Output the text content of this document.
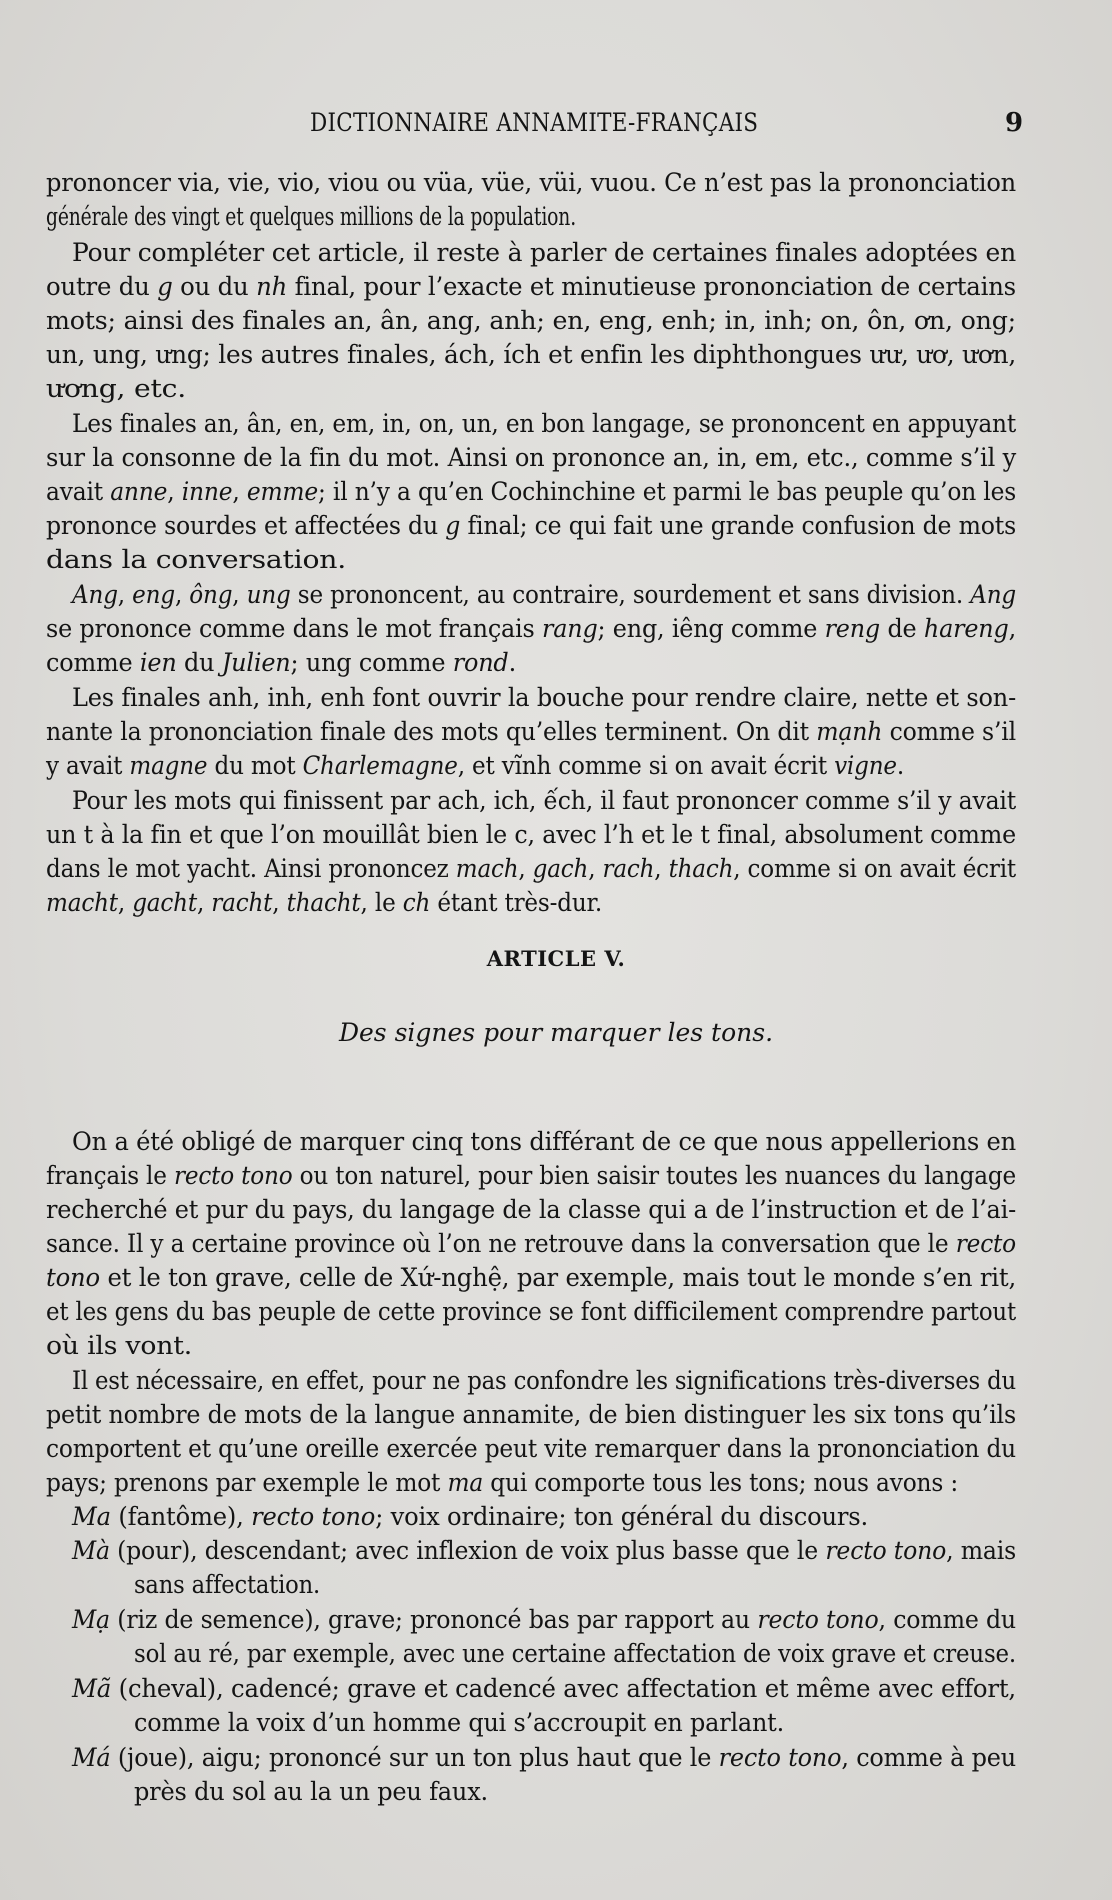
DICTIONNAIRE ANNAMITE-FRANÇAIS	9
prononcer via, vie, vio, viou ou vüa, vüe, vüi, vuou. Ce n’est pas la prononciation
générale des vingt et quelques millions de la population.
Pour compléter cet article, il reste à parler de certaines finales adoptées en
outre du g ou du nh final, pour l’exacte et minutieuse prononciation de certains
mots; ainsi des finales an, ân, ang, anh; en, eng, enh; in, inh; on, ôn, ơn, ong;
un, ung, ưng; les autres finales, ách, ích et enfin les diphthongues ưư, ươ, ươn,
ương, etc.
Les finales an, ân, en, em, in, on, un, en bon langage, se prononcent en appuyant
sur la consonne de la fin du mot. Ainsi on prononce an, in, em, etc., comme s’il y
avait anne, inne, emme; il n’y a qu’en Cochinchine et parmi le bas peuple qu’on les
prononce sourdes et affectées du g final; ce qui fait une grande confusion de mots
dans la conversation.
Ang, eng, ông, ung se prononcent, au contraire, sourdement et sans division. Ang
se prononce comme dans le mot français rang; eng, iêng comme reng de hareng,
comme ien du Julien; ung comme rond.
Les finales anh, inh, enh font ouvrir la bouche pour rendre claire, nette et son-
nante la prononciation finale des mots qu’elles terminent. On dit mạnh comme s’il
y avait magne du mot Charlemagne, et vĩnh comme si on avait écrit vigne.
Pour les mots qui finissent par ach, ich, ếch, il faut prononcer comme s’il y avait
un t à la fin et que l’on mouillât bien le c, avec l’h et le t final, absolument comme
dans le mot yacht. Ainsi prononcez mach, gach, rach, thach, comme si on avait écrit
macht, gacht, racht, thacht, le ch étant très-dur.
ARTICLE V.
Des signes pour marquer les tons.
On a été obligé de marquer cinq tons différant de ce que nous appellerions en
français le recto tono ou ton naturel, pour bien saisir toutes les nuances du langage
recherché et pur du pays, du langage de la classe qui a de l’instruction et de l’ai-
sance. Il y a certaine province où l’on ne retrouve dans la conversation que le recto
tono et le ton grave, celle de Xứ-nghệ, par exemple, mais tout le monde s’en rit,
et les gens du bas peuple de cette province se font difficilement comprendre partout
où ils vont.
Il est nécessaire, en effet, pour ne pas confondre les significations très-diverses du
petit nombre de mots de la langue annamite, de bien distinguer les six tons qu’ils
comportent et qu’une oreille exercée peut vite remarquer dans la prononciation du
pays; prenons par exemple le mot ma qui comporte tous les tons; nous avons :
Ma (fantôme), recto tono; voix ordinaire; ton général du discours.
Mà (pour), descendant; avec inflexion de voix plus basse que le recto tono, mais
sans affectation.
Mạ (riz de semence), grave; prononcé bas par rapport au recto tono, comme du
sol au ré, par exemple, avec une certaine affectation de voix grave et creuse.
Mã (cheval), cadencé; grave et cadencé avec affectation et même avec effort,
comme la voix d’un homme qui s’accroupit en parlant.
Má (joue), aigu; prononcé sur un ton plus haut que le recto tono, comme à peu
près du sol au la un peu faux.
